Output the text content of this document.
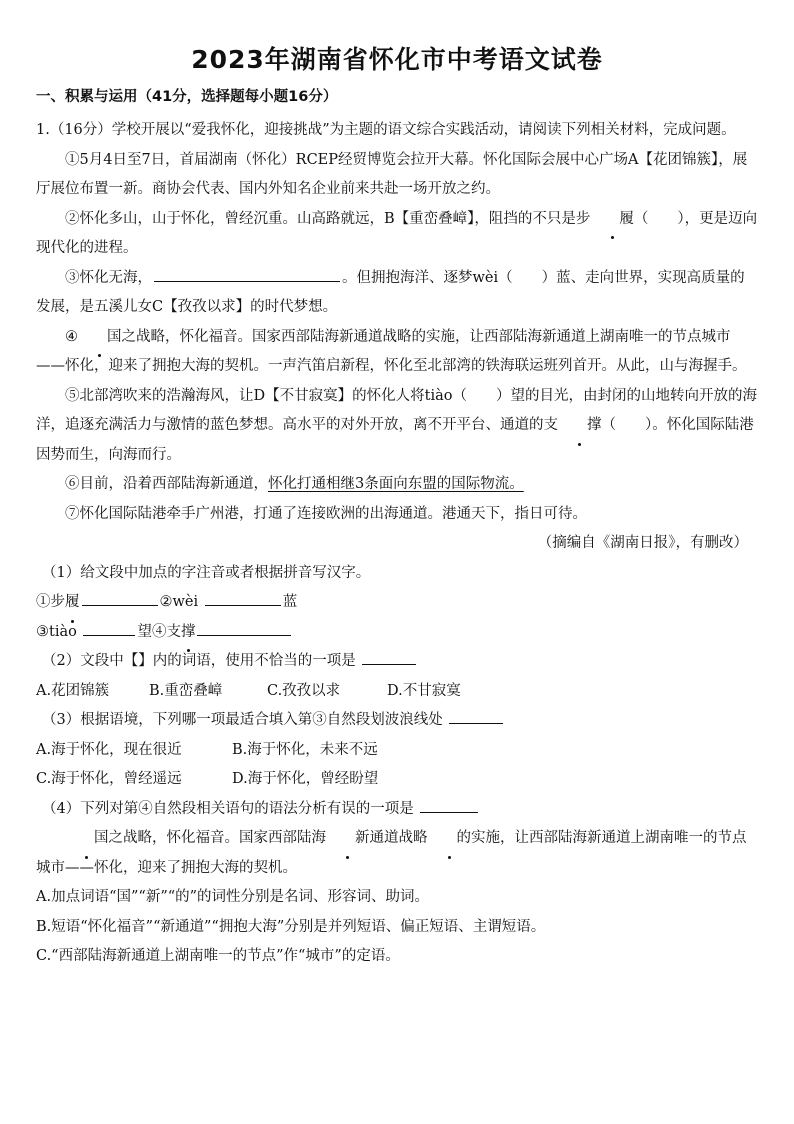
2023年湖南省怀化市中考语文试卷

一、积累与运用（41分，选择题每小题16分）

1.（16分）学校开展以“爱我怀化，迎接挑战”为主题的语文综合实践活动，请阅读下列相关材料，完成问题。

①5月4日至7日，首届湖南（怀化）RCEP经贸博览会拉开大幕。怀化国际会展中心广场A【花团锦簇】，展厅展位布置一新。商协会代表、国内外知名企业前来共赴一场开放之约。

②怀化多山，山于怀化，曾经沉重。山高路就远，B【重峦叠嶂】，阻挡的不只是步 履（　　），更是迈向现代化的进程。

③怀化无海，	。但拥抱海洋、逐梦wèi（　　）蓝、走向世界，实现高质量的发展，是五溪儿女C【孜孜以求】的时代梦想。

④ 国之战略，怀化福音。国家西部陆海新通道战略的实施，让西部陆海新通道上湖南唯一的节点城市——怀化，迎来了拥抱大海的契机。一声汽笛启新程，怀化至北部湾的铁海联运班列首开。从此，山与海握手。

⑤北部湾吹来的浩瀚海风，让D【不甘寂寞】的怀化人将tiào（　　）望的目光，由封闭的山地转向开放的海洋，追逐充满活力与激情的蓝色梦想。高水平的对外开放，离不开平台、通道的支 撑（　　）。怀化国际陆港因势而生，向海而行。

⑥目前，沿着西部陆海新通道，怀化打通相继3条面向东盟的国际物流。

⑦怀化国际陆港牵手广州港，打通了连接欧洲的出海通道。港通天下，指日可待。

（摘编自《湖南日报》，有删改）

（1）给文段中加点的字注音或者根据拼音写汉字。

①步履	②wèi	蓝

③tiào	望④支撑

（2）文段中【】内的词语，使用不恰当的一项是

A.花团锦簇	B.重峦叠嶂	C.孜孜以求	D.不甘寂寞

（3）根据语境，下列哪一项最适合填入第③自然段划波浪线处

A.海于怀化，现在很近	B.海于怀化，未来不远

C.海于怀化，曾经遥远	D.海于怀化，曾经盼望

（4）下列对第④自然段相关语句的语法分析有误的一项是

国之战略，怀化福音。国家西部陆海 新通道战略 的实施，让西部陆海新通道上湖南唯一的节点城市——怀化，迎来了拥抱大海的契机。

A.加点词语“国”“新”“的”的词性分别是名词、形容词、助词。

B.短语“怀化福音”“新通道”“拥抱大海”分别是并列短语、偏正短语、主谓短语。

C.“西部陆海新通道上湖南唯一的节点”作“城市”的定语。
